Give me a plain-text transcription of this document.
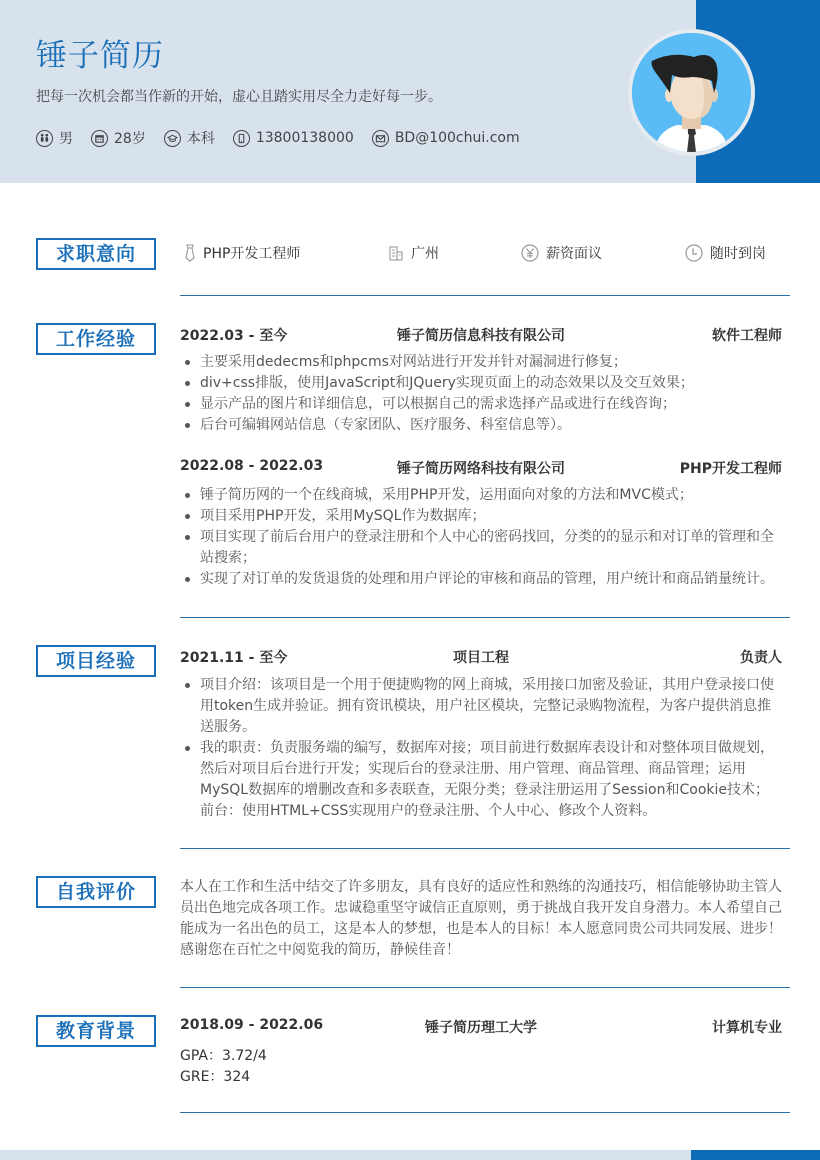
锤子简历
把每一次机会都当作新的开始，虚心且踏实用尽全力走好每一步。
男	28岁	本科	13800138000	BD@100chui.com
求职意向	PHP开发工程师	广州	薪资面议	随时到岗
工作经验	2022.03 - 至今	锤子简历信息科技有限公司	软件工程师
主要采用dedecms和phpcms对网站进行开发并针对漏洞进行修复；
div+css排版，使用JavaScript和JQuery实现页面上的动态效果以及交互效果；
显示产品的图片和详细信息，可以根据自己的需求选择产品或进行在线咨询；
后台可编辑网站信息（专家团队、医疗服务、科室信息等）。
2022.08 - 2022.03	锤子简历网络科技有限公司	PHP开发工程师
锤子简历网的一个在线商城，采用PHP开发，运用面向对象的方法和MVC模式；
项目采用PHP开发，采用MySQL作为数据库；
项目实现了前后台用户的登录注册和个人中心的密码找回，分类的的显示和对订单的管理和全站搜索；
实现了对订单的发货退货的处理和用户评论的审核和商品的管理，用户统计和商品销量统计。
项目经验	2021.11 - 至今	项目工程	负责人
项目介绍：该项目是一个用于便捷购物的网上商城，采用接口加密及验证，其用户登录接口使用token生成并验证。拥有资讯模块，用户社区模块，完整记录购物流程，为客户提供消息推送服务。
我的职责：负责服务端的编写，数据库对接；项目前进行数据库表设计和对整体项目做规划，然后对项目后台进行开发；实现后台的登录注册、用户管理、商品管理、商品管理；运用MySQL数据库的增删改查和多表联查，无限分类；登录注册运用了Session和Cookie技术；前台：使用HTML+CSS实现用户的登录注册、个人中心、修改个人资料。
自我评价	本人在工作和生活中结交了许多朋友，具有良好的适应性和熟练的沟通技巧，相信能够协助主管人员出色地完成各项工作。忠诚稳重坚守诚信正直原则，勇于挑战自我开发自身潜力。本人希望自己能成为一名出色的员工，这是本人的梦想，也是本人的目标！本人愿意同贵公司共同发展、进步！感谢您在百忙之中阅览我的简历，静候佳音！

教育背景	2018.09 - 2022.06	锤子简历理工大学	计算机专业
GPA：3.72/4
GRE：324
